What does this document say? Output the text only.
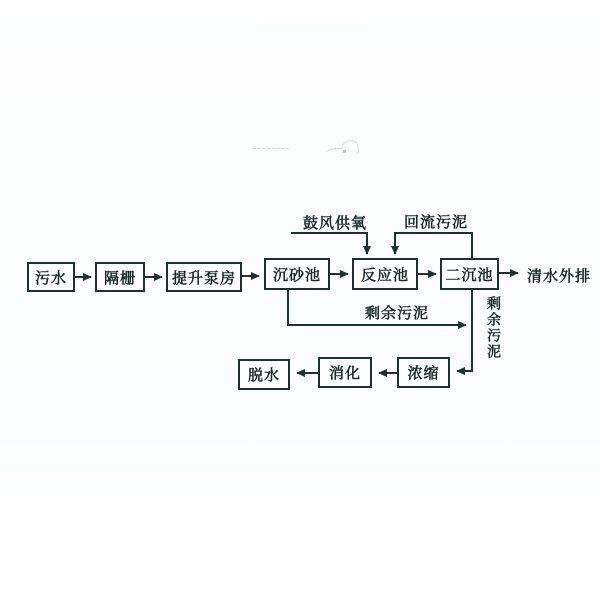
污水 隔栅 提升泵房 沉砂池	反应池 二沉池
浓缩
消化
脱水
鼓风供氧 回流污泥
剩余污泥	剩余污泥
清水外排
